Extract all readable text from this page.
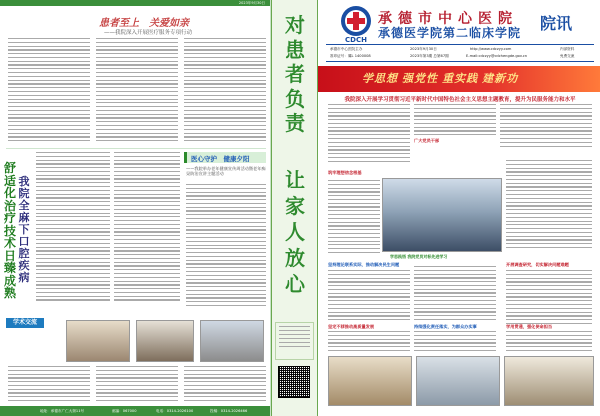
2023年9月30日
患者至上　关爱如亲
——我院深入开展医疗服务专项行动
舒适化治疗技术日臻成熟
我院全麻下口腔疾病
医心守护　健康夕阳
——我院举办老年健康宣传周活动暨老年痴呆防治宣讲主题活动
学术交流
地址：承德市广仁大街11号	邮编：067000	电话：0314-2026100	投稿：0314-2026466
对患者负责
让家人放心
CDCH
承德市中心医院
承德医学院第二临床学院 院讯
承德市中心医院主办	2023年9月30日	http://www.cdczyy.com	内部资料
准印证号：冀L 1400008	2023年第3期 总第67期	E-mail:cdczyy@cdchengde.gov.cn	免费交流
学思想 强党性 重实践 建新功
我院深入开展学习贯彻习近平新时代中国特色社会主义思想主题教育，提升为民服务能力和水平
广大党员干部
筑牢理想信念根基
学思践悟 我院党员对标先进学习
坚持理论联系实际，推动解决民生问题	开展调查研究，切实解决问题难题
坚定不移推动高质量发展	持续强化责任落实，为群众办实事	学用贯通，强化使命担当
